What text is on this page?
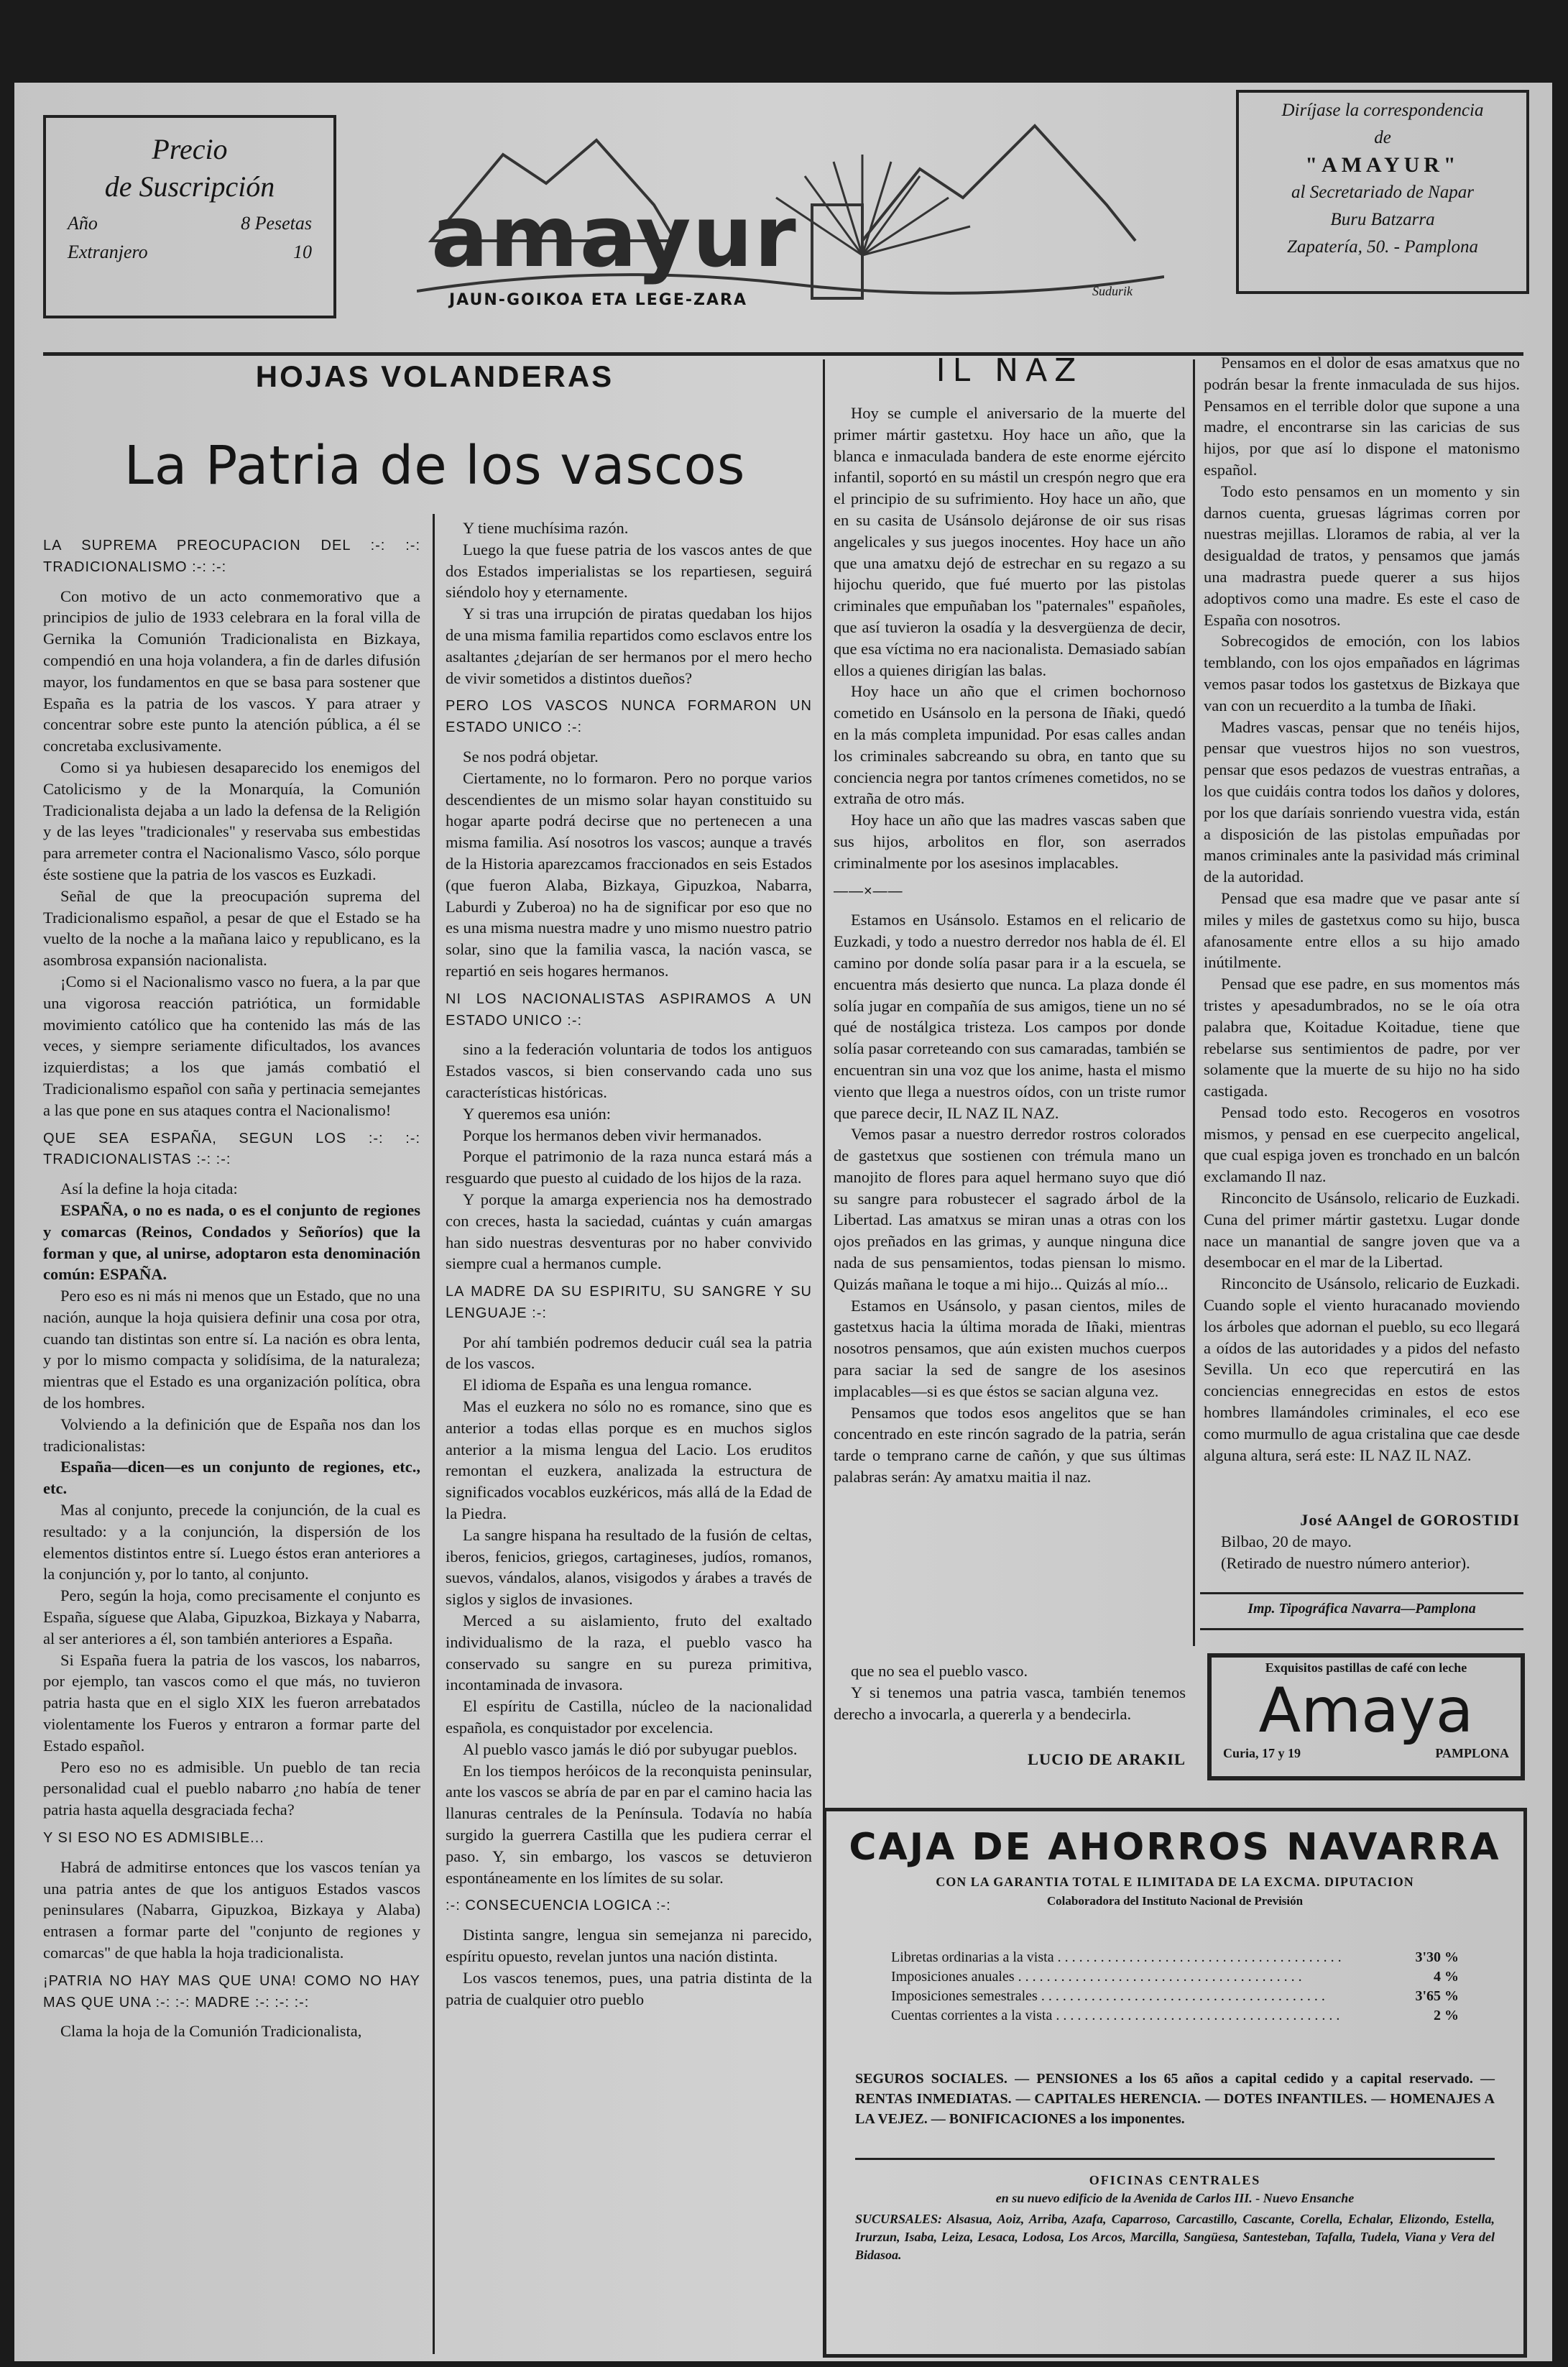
Precio
de Suscripción
Año	8 Pesetas
Extranjero	10 amayur
JAUN-GOIKOA ETA LEGE-ZARA	Sudurik
Diríjase la correspondencia
de
"AMAYUR"
al Secretariado de Napar
Buru Batzarra
Zapatería, 50. - Pamplona
HOJAS VOLANDERAS
La Patria de los vascos

LA SUPREMA PREOCUPACION DEL :-: :-: TRADICIONALISMO :-: :-:

Con motivo de un acto conmemorativo que a principios de julio de 1933 celebrara en la foral villa de Gernika la Comunión Tradicionalista en Bizkaya, compendió en una hoja volandera, a fin de darles difusión mayor, los fundamentos en que se basa para sostener que España es la patria de los vascos. Y para atraer y concentrar sobre este punto la atención pública, a él se concretaba exclusivamente.

Como si ya hubiesen desaparecido los enemigos del Catolicismo y de la Monarquía, la Comunión Tradicionalista dejaba a un lado la defensa de la Religión y de las leyes "tradicionales" y reservaba sus embestidas para arremeter contra el Nacionalismo Vasco, sólo porque éste sostiene que la patria de los vascos es Euzkadi.

Señal de que la preocupación suprema del Tradicionalismo español, a pesar de que el Estado se ha vuelto de la noche a la mañana laico y republicano, es la asombrosa expansión nacionalista.

¡Como si el Nacionalismo vasco no fuera, a la par que una vigorosa reacción patriótica, un formidable movimiento católico que ha contenido las más de las veces, y siempre seriamente dificultados, los avances izquierdistas; a los que jamás combatió el Tradicionalismo español con saña y pertinacia semejantes a las que pone en sus ataques contra el Nacionalismo!

QUE SEA ESPAÑA, SEGUN LOS :-: :-: TRADICIONALISTAS :-: :-:

Así la define la hoja citada:

ESPAÑA, o no es nada, o es el conjunto de regiones y comarcas (Reinos, Condados y Señoríos) que la forman y que, al unirse, adoptaron esta denominación común: ESPAÑA.

Pero eso es ni más ni menos que un Estado, que no una nación, aunque la hoja quisiera definir una cosa por otra, cuando tan distintas son entre sí. La nación es obra lenta, y por lo mismo compacta y solidísima, de la naturaleza; mientras que el Estado es una organización política, obra de los hombres.

Volviendo a la definición que de España nos dan los tradicionalistas:

España—dicen—es un conjunto de regiones, etc., etc.

Mas al conjunto, precede la conjunción, de la cual es resultado: y a la conjunción, la dispersión de los elementos distintos entre sí. Luego éstos eran anteriores a la conjunción y, por lo tanto, al conjunto.

Pero, según la hoja, como precisamente el conjunto es España, síguese que Alaba, Gipuzkoa, Bizkaya y Nabarra, al ser anteriores a él, son también anteriores a España.

Si España fuera la patria de los vascos, los nabarros, por ejemplo, tan vascos como el que más, no tuvieron patria hasta que en el siglo XIX les fueron arrebatados violentamente los Fueros y entraron a formar parte del Estado español.

Pero eso no es admisible. Un pueblo de tan recia personalidad cual el pueblo nabarro ¿no había de tener patria hasta aquella desgraciada fecha?

Y SI ESO NO ES ADMISIBLE...

Habrá de admitirse entonces que los vascos tenían ya una patria antes de que los antiguos Estados vascos peninsulares (Nabarra, Gipuzkoa, Bizkaya y Alaba) entrasen a formar parte del "conjunto de regiones y comarcas" de que habla la hoja tradicionalista.

¡PATRIA NO HAY MAS QUE UNA! COMO NO HAY MAS QUE UNA :-: :-: MADRE :-: :-: :-:

Clama la hoja de la Comunión Tradicionalista,

Y tiene muchísima razón.

Luego la que fuese patria de los vascos antes de que dos Estados imperialistas se los repartiesen, seguirá siéndolo hoy y eternamente.

Y si tras una irrupción de piratas quedaban los hijos de una misma familia repartidos como esclavos entre los asaltantes ¿dejarían de ser hermanos por el mero hecho de vivir sometidos a distintos dueños?

PERO LOS VASCOS NUNCA FORMARON UN ESTADO UNICO :-:

Se nos podrá objetar.

Ciertamente, no lo formaron. Pero no porque varios descendientes de un mismo solar hayan constituido su hogar aparte podrá decirse que no pertenecen a una misma familia. Así nosotros los vascos; aunque a través de la Historia aparezcamos fraccionados en seis Estados (que fueron Alaba, Bizkaya, Gipuzkoa, Nabarra, Laburdi y Zuberoa) no ha de significar por eso que no es una misma nuestra madre y uno mismo nuestro patrio solar, sino que la familia vasca, la nación vasca, se repartió en seis hogares hermanos.

NI LOS NACIONALISTAS ASPIRAMOS A UN ESTADO UNICO :-:

sino a la federación voluntaria de todos los antiguos Estados vascos, si bien conservando cada uno sus características históricas.

Y queremos esa unión:

Porque los hermanos deben vivir hermanados.

Porque el patrimonio de la raza nunca estará más a resguardo que puesto al cuidado de los hijos de la raza.

Y porque la amarga experiencia nos ha demostrado con creces, hasta la saciedad, cuántas y cuán amargas han sido nuestras desventuras por no haber convivido siempre cual a hermanos cumple.

LA MADRE DA SU ESPIRITU, SU SANGRE Y SU LENGUAJE :-:

Por ahí también podremos deducir cuál sea la patria de los vascos.

El idioma de España es una lengua romance.

Mas el euzkera no sólo no es romance, sino que es anterior a todas ellas porque es en muchos siglos anterior a la misma lengua del Lacio. Los eruditos remontan el euzkera, analizada la estructura de significados vocablos euzkéricos, más allá de la Edad de la Piedra.

La sangre hispana ha resultado de la fusión de celtas, iberos, fenicios, griegos, cartagineses, judíos, romanos, suevos, vándalos, alanos, visigodos y árabes a través de siglos y siglos de invasiones.

Merced a su aislamiento, fruto del exaltado individualismo de la raza, el pueblo vasco ha conservado su sangre en su pureza primitiva, incontaminada de invasora.

El espíritu de Castilla, núcleo de la nacionalidad española, es conquistador por excelencia.

Al pueblo vasco jamás le dió por subyugar pueblos.

En los tiempos heróicos de la reconquista peninsular, ante los vascos se abría de par en par el camino hacia las llanuras centrales de la Península. Todavía no había surgido la guerrera Castilla que les pudiera cerrar el paso. Y, sin embargo, los vascos se detuvieron espontáneamente en los límites de su solar.

:-: CONSECUENCIA LOGICA :-:

Distinta sangre, lengua sin semejanza ni parecido, espíritu opuesto, revelan juntos una nación distinta.

Los vascos tenemos, pues, una patria distinta de la patria de cualquier otro pueblo

que no sea el pueblo vasco.

Y si tenemos una patria vasca, también tenemos derecho a invocarla, a quererla y a bendecirla.

LUCIO DE ARAKIL

IL NAZ

Hoy se cumple el aniversario de la muerte del primer mártir gastetxu. Hoy hace un año, que la blanca e inmaculada bandera de este enorme ejército infantil, soportó en su mástil un crespón negro que era el principio de su sufrimiento. Hoy hace un año, que en su casita de Usánsolo dejáronse de oir sus risas angelicales y sus juegos inocentes. Hoy hace un año que una amatxu dejó de estrechar en su regazo a su hijochu querido, que fué muerto por las pistolas criminales que empuñaban los "paternales" españoles, que así tuvieron la osadía y la desvergüenza de decir, que esa víctima no era nacionalista. Demasiado sabían ellos a quienes dirigían las balas.

Hoy hace un año que el crimen bochornoso cometido en Usánsolo en la persona de Iñaki, quedó en la más completa impunidad. Por esas calles andan los criminales sabcreando su obra, en tanto que su conciencia negra por tantos crímenes cometidos, no se extraña de otro más.

Hoy hace un año que las madres vascas saben que sus hijos, arbolitos en flor, son aserrados criminalmente por los asesinos implacables.

——×——

Estamos en Usánsolo. Estamos en el relicario de Euzkadi, y todo a nuestro derredor nos habla de él. El camino por donde solía pasar para ir a la escuela, se encuentra más desierto que nunca. La plaza donde él solía jugar en compañía de sus amigos, tiene un no sé qué de nostálgica tristeza. Los campos por donde solía pasar correteando con sus camaradas, también se encuentran sin una voz que los anime, hasta el mismo viento que llega a nuestros oídos, con un triste rumor que parece decir, IL NAZ IL NAZ.

Vemos pasar a nuestro derredor rostros colorados de gastetxus que sostienen con trémula mano un manojito de flores para aquel hermano suyo que dió su sangre para robustecer el sagrado árbol de la Libertad. Las amatxus se miran unas a otras con los ojos preñados en las grimas, y aunque ninguna dice nada de sus pensamientos, todas piensan lo mismo. Quizás mañana le toque a mi hijo... Quizás al mío...

Estamos en Usánsolo, y pasan cientos, miles de gastetxus hacia la última morada de Iñaki, mientras nosotros pensamos, que aún existen muchos cuerpos para saciar la sed de sangre de los asesinos implacables—si es que éstos se sacian alguna vez.

Pensamos que todos esos angelitos que se han concentrado en este rincón sagrado de la patria, serán tarde o temprano carne de cañón, y que sus últimas palabras serán: Ay amatxu maitia il naz.

Pensamos en el dolor de esas amatxus que no podrán besar la frente inmaculada de sus hijos. Pensamos en el terrible dolor que supone a una madre, el encontrarse sin las caricias de sus hijos, por que así lo dispone el matonismo español.

Todo esto pensamos en un momento y sin darnos cuenta, gruesas lágrimas corren por nuestras mejillas. Lloramos de rabia, al ver la desigualdad de tratos, y pensamos que jamás una madrastra puede querer a sus hijos adoptivos como una madre. Es este el caso de España con nosotros.

Sobrecogidos de emoción, con los labios temblando, con los ojos empañados en lágrimas vemos pasar todos los gastetxus de Bizkaya que van con un recuerdito a la tumba de Iñaki.

Madres vascas, pensar que no tenéis hijos, pensar que vuestros hijos no son vuestros, pensar que esos pedazos de vuestras entrañas, a los que cuidáis contra todos los daños y dolores, por los que daríais sonriendo vuestra vida, están a disposición de las pistolas empuñadas por manos criminales ante la pasividad más criminal de la autoridad.

Pensad que esa madre que ve pasar ante sí miles y miles de gastetxus como su hijo, busca afanosamente entre ellos a su hijo amado inútilmente.

Pensad que ese padre, en sus momentos más tristes y apesadumbrados, no se le oía otra palabra que, Koitadue Koitadue, tiene que rebelarse sus sentimientos de padre, por ver solamente que la muerte de su hijo no ha sido castigada.

Pensad todo esto. Recogeros en vosotros mismos, y pensad en ese cuerpecito angelical, que cual espiga joven es tronchado en un balcón exclamando Il naz.

Rinconcito de Usánsolo, relicario de Euzkadi. Cuna del primer mártir gastetxu. Lugar donde nace un manantial de sangre joven que va a desembocar en el mar de la Libertad.

Rinconcito de Usánsolo, relicario de Euzkadi. Cuando sople el viento huracanado moviendo los árboles que adornan el pueblo, su eco llegará a oídos de las autoridades y a pidos del nefasto Sevilla. Un eco que repercutirá en las conciencias ennegrecidas en estos de estos hombres llamándoles criminales, el eco ese como murmullo de agua cristalina que cae desde alguna altura, será este: IL NAZ IL NAZ.

José AAngel de GOROSTIDI

Bilbao, 20 de mayo.

(Retirado de nuestro número anterior).

Imp. Tipográfica Navarra—Pamplona
Exquisitos pastillas de café con leche
Amaya
Curia, 17 y 19	PAMPLONA
CAJA DE AHORROS NAVARRA
CON LA GARANTIA TOTAL E ILIMITADA DE LA EXCMA. DIPUTACION
Colaboradora del Instituto Nacional de Previsión
Libretas ordinarias a la vista . . .	3'30 %
Imposiciones anuales . . .	4 %
Imposiciones semestrales . . .	3'65 %
Cuentas corrientes a la vista . . .	2 %
SEGUROS SOCIALES. — PENSIONES a los 65 años a capital cedido y a capital reservado. — RENTAS INMEDIATAS. — CAPITALES HERENCIA. — DOTES INFANTILES. — HOMENAJES A LA VEJEZ. — BONIFICACIONES a los imponentes.
OFICINAS CENTRALES
en su nuevo edificio de la Avenida de Carlos III. - Nuevo Ensanche
SUCURSALES: Alsasua, Aoiz, Arriba, Azafa, Caparroso, Carcastillo, Cascante, Corella, Echalar, Elizondo, Estella, Irurzun, Isaba, Leiza, Lesaca, Lodosa, Los Arcos, Marcilla, Sangüesa, Santesteban, Tafalla, Tudela, Viana y Vera del Bidasoa.
